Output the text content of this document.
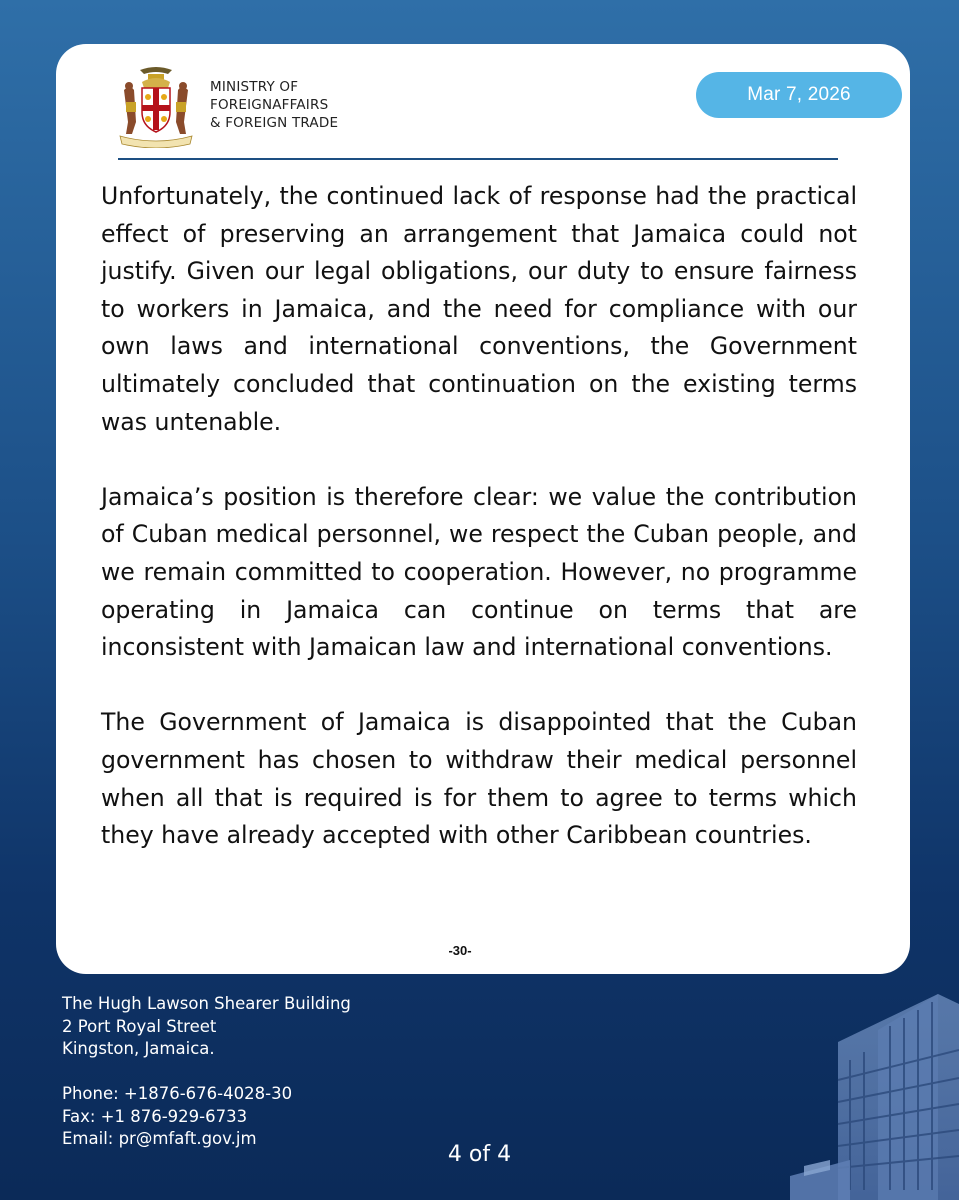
Mar 7, 2026
MINISTRY OF
FOREIGNAFFAIRS
& FOREIGN TRADE

Unfortunately, the continued lack of response had the practical effect of preserving an arrangement that Jamaica could not justify. Given our legal obligations, our duty to ensure fairness to workers in Jamaica, and the need for compliance with our own laws and international conventions, the Government ultimately concluded that continuation on the existing terms was untenable.

Jamaica’s position is therefore clear: we value the contribution of Cuban medical personnel, we respect the Cuban people, and we remain committed to cooperation. However, no programme operating in Jamaica can continue on terms that are inconsistent with Jamaican law and international conventions.

The Government of Jamaica is disappointed that the Cuban government has chosen to withdraw their medical personnel when all that is required is for them to agree to terms which they have already accepted with other Caribbean countries.

-30-
The Hugh Lawson Shearer Building
2 Port Royal Street
Kingston, Jamaica.
Phone: +1876-676-4028-30
Fax: +1 876-929-6733
Email: pr@mfaft.gov.jm
4 of 4
